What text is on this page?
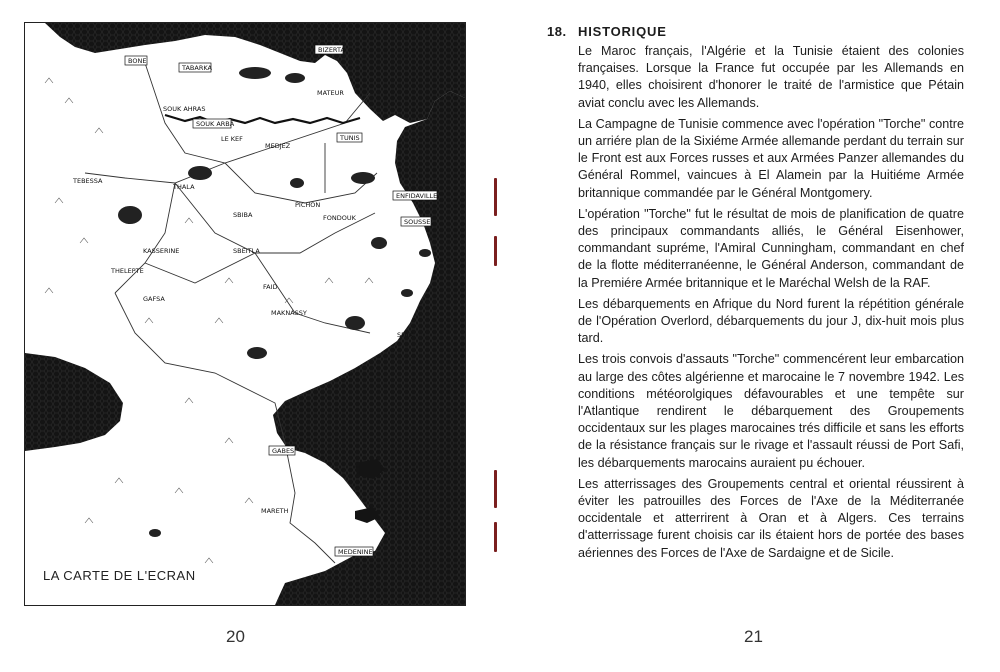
BONE
TABARKA
BIZERTA
MATEUR
SOUK AHRAS
SOUK ARBA
LE KEF
MEDJEZ
TUNIS
TEBESSA
THALA
ENFIDAVILLE
PICHON
FONDOUK	SOUSSE
SBIBA
KASSERINE	SBEITLA
THELEPTE
GAFSA
FAID
MAKNASSY
SFAX
GABES
MARETH
MEDENINE
LA CARTE DE L'ECRAN
20
18. HISTORIQUE

Le Maroc français, l'Algérie et la Tunisie étaient des colonies françaises. Lorsque la France fut occupée par les Allemands en 1940, elles choisirent d'honorer le traité de l'armistice que Pétain aviat conclu avec les Allemands.

La Campagne de Tunisie commence avec l'opération "Torche" contre un arriére plan de la Sixiéme Armée allemande perdant du terrain sur le Front est aux Forces russes et aux Armées Panzer allemandes du Général Rommel, vaincues à El Alamein par la Huitiéme Armée britannique commandée par le Général Montgomery.

L'opération "Torche" fut le résultat de mois de planification de quatre des principaux commandants alliés, le Général Eisenhower, commandant supréme, l'Amiral Cunningham, commandant en chef de la flotte méditerranéenne, le Général Anderson, commandant de la Premiére Armée britannique et le Maréchal Welsh de la RAF.

Les débarquements en Afrique du Nord furent la répétition générale de l'Opération Overlord, débarquements du jour J, dix-huit mois plus tard.

Les trois convois d'assauts "Torche" commencérent leur embarcation au large des côtes algérienne et marocaine le 7 novembre 1942. Les conditions météorolgiques défavourables et une tempête sur l'Atlantique rendirent le débarquement des Groupements occidentaux sur les plages marocaines trés difficile et sans les efforts de la résistance français sur le rivage et l'assault réussi de Port Safi, les débarquements marocains auraient pu échouer.

Les atterrissages des Groupements central et oriental réussirent à éviter les patrouilles des Forces de l'Axe de la Méditerranée occidentale et atterrirent à Oran et à Algers. Ces terrains d'atterrissage furent choisis car ils étaient hors de portée des bases aériennes des Forces de l'Axe de Sardaigne et de Sicile.

21
